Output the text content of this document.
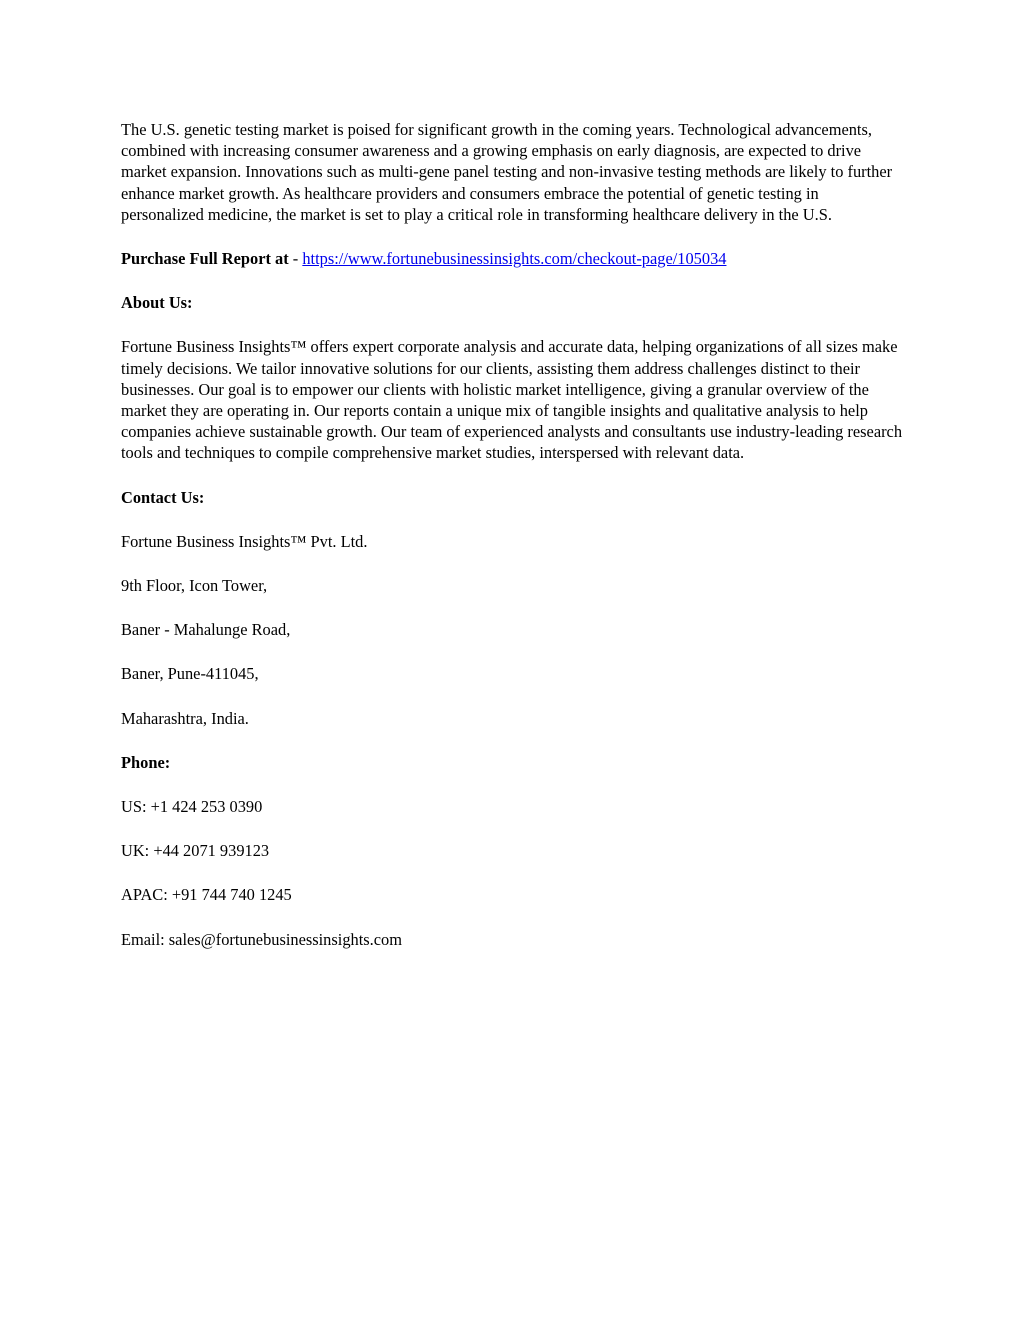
The U.S. genetic testing market is poised for significant growth in the coming years. Technological advancements, combined with increasing consumer awareness and a growing emphasis on early diagnosis, are expected to drive market expansion. Innovations such as multi-gene panel testing and non-invasive testing methods are likely to further enhance market growth. As healthcare providers and consumers embrace the potential of genetic testing in personalized medicine, the market is set to play a critical role in transforming healthcare delivery in the U.S.

Purchase Full Report at - https://www.fortunebusinessinsights.com/checkout-page/105034

About Us:

Fortune Business Insights™ offers expert corporate analysis and accurate data, helping organizations of all sizes make timely decisions. We tailor innovative solutions for our clients, assisting them address challenges distinct to their businesses. Our goal is to empower our clients with holistic market intelligence, giving a granular overview of the market they are operating in. Our reports contain a unique mix of tangible insights and qualitative analysis to help companies achieve sustainable growth. Our team of experienced analysts and consultants use industry-leading research tools and techniques to compile comprehensive market studies, interspersed with relevant data.

Contact Us:

Fortune Business Insights™ Pvt. Ltd.

9th Floor, Icon Tower,

Baner - Mahalunge Road,

Baner, Pune-411045,

Maharashtra, India.

Phone:

US: +1 424 253 0390

UK: +44 2071 939123

APAC: +91 744 740 1245

Email: sales@fortunebusinessinsights.com
